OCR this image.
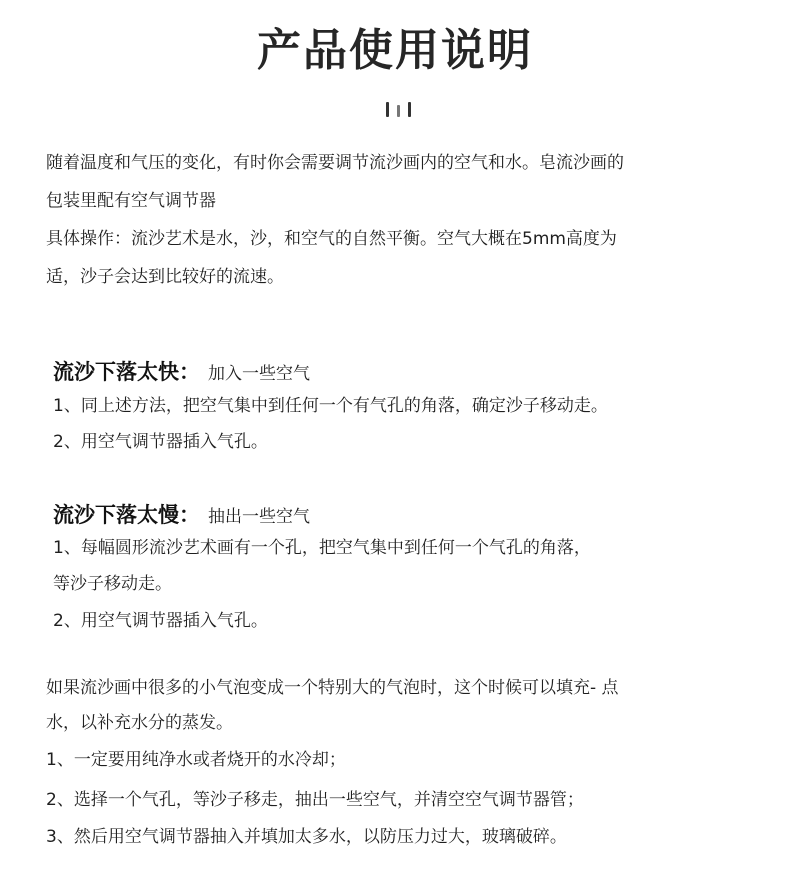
产品使用说明
随着温度和气压的变化，有时你会需要调节流沙画内的空气和水。皂流沙画的
包装里配有空气调节器
具体操作：流沙艺术是水，沙，和空气的自然平衡。空气大概在5mm高度为
适，沙子会达到比较好的流速。
流沙下落太快： 加入一些空气
1、同上述方法，把空气集中到任何一个有气孔的角落，确定沙子移动走。
2、用空气调节器插入气孔。
流沙下落太慢： 抽出一些空气
1、每幅圆形流沙艺术画有一个孔，把空气集中到任何一个气孔的角落，
等沙子移动走。
2、用空气调节器插入气孔。
如果流沙画中很多的小气泡变成一个特别大的气泡时，这个时候可以填充- 点
水，以补充水分的蒸发。
1、一定要用纯净水或者烧开的水冷却；
2、选择一个气孔，等沙子移走，抽出一些空气，并清空空气调节器管；
3、然后用空气调节器抽入并填加太多水，以防压力过大，玻璃破碎。
